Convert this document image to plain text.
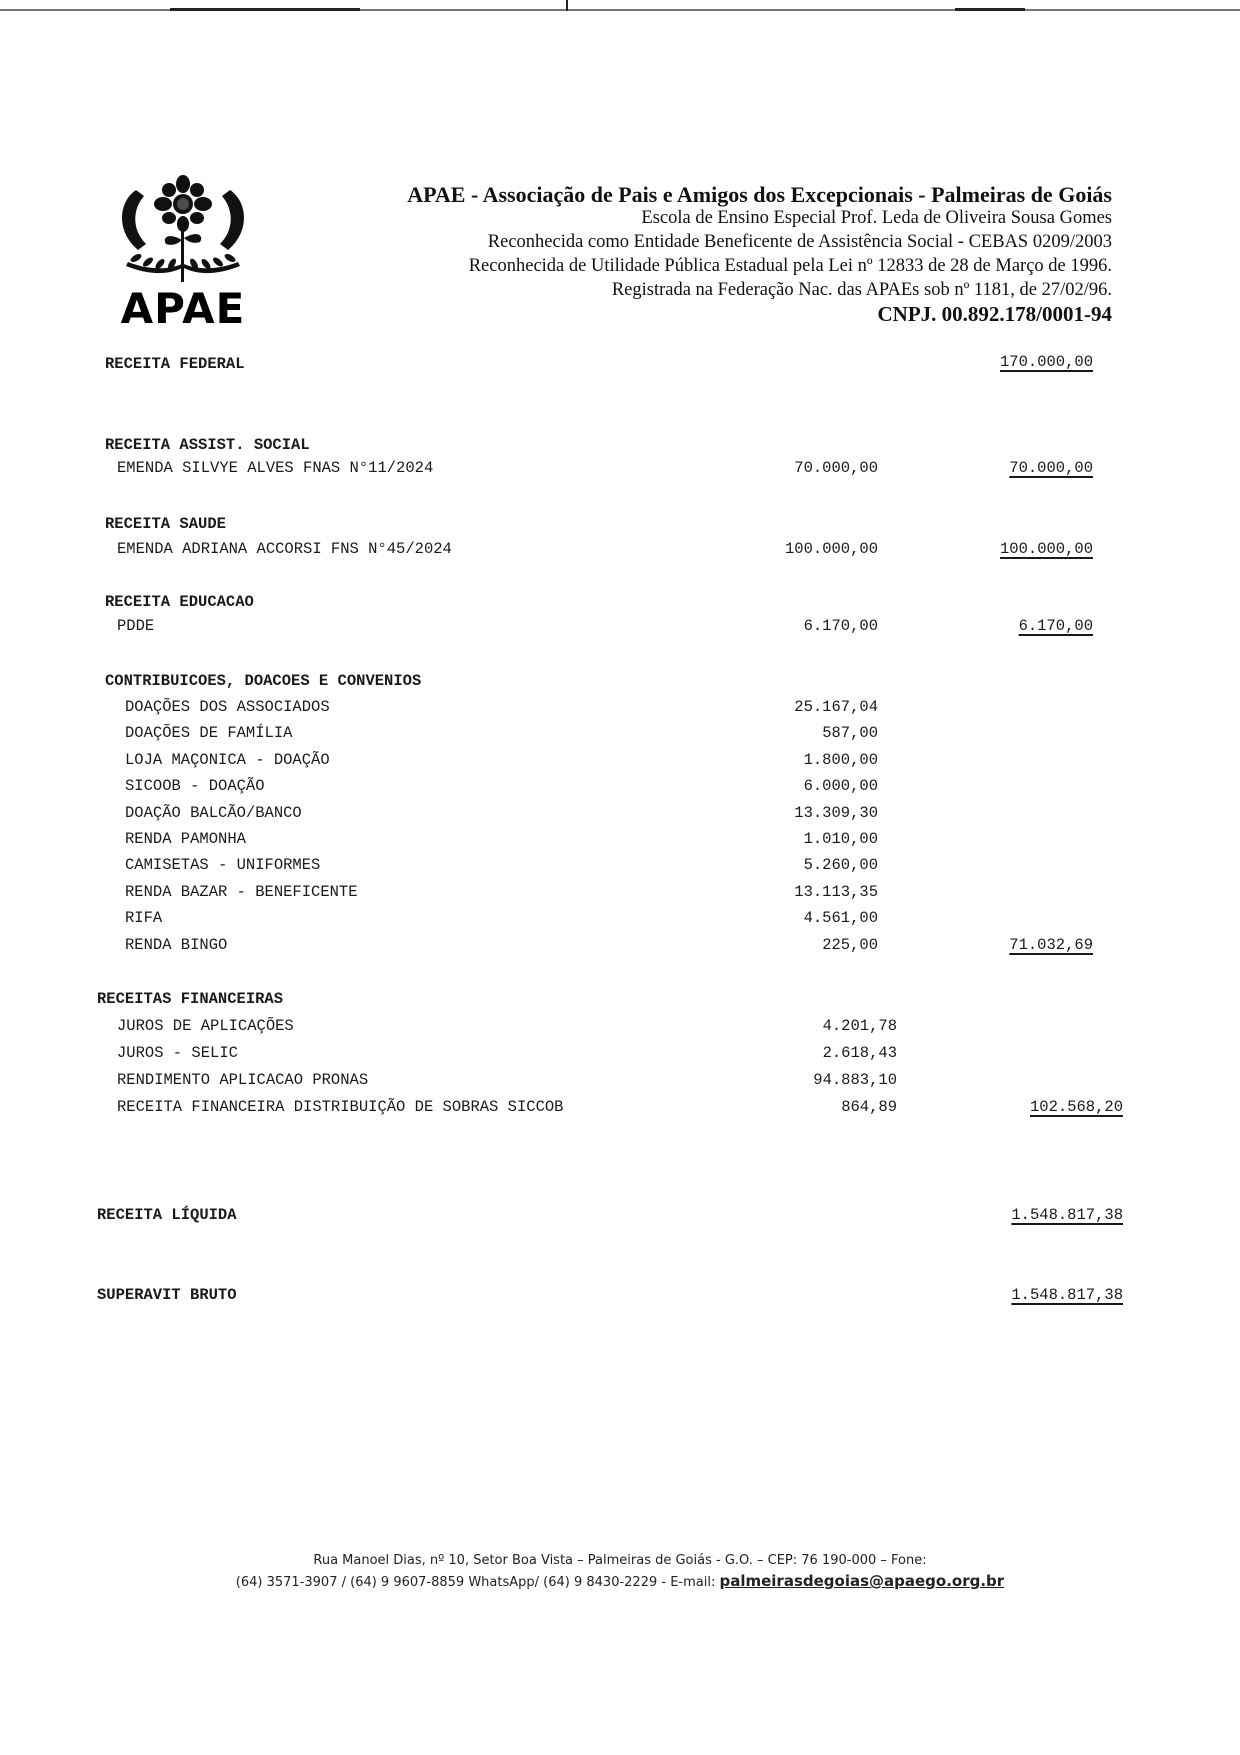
APAE
APAE - Associação de Pais e Amigos dos Excepcionais - Palmeiras de Goiás
Escola de Ensino Especial Prof. Leda de Oliveira Sousa Gomes
Reconhecida como Entidade Beneficente de Assistência Social - CEBAS 0209/2003
Reconhecida de Utilidade Pública Estadual pela Lei nº 12833 de 28 de Março de 1996.
Registrada na Federação Nac. das APAEs sob nº 1181, de 27/02/96.
CNPJ. 00.892.178/0001-94
RECEITA FEDERAL	170.000,00
RECEITA ASSIST. SOCIAL
EMENDA SILVYE ALVES FNAS N°11/2024	70.000,00	70.000,00
RECEITA SAUDE
EMENDA ADRIANA ACCORSI FNS N°45/2024	100.000,00	100.000,00
RECEITA EDUCACAO
PDDE	6.170,00	6.170,00
CONTRIBUICOES, DOACOES E CONVENIOS
DOAÇÕES DOS ASSOCIADOS	25.167,04
DOAÇÕES DE FAMÍLIA	587,00
LOJA MAÇONICA - DOAÇÃO	1.800,00
SICOOB - DOAÇÃO	6.000,00
DOAÇÃO BALCÃO/BANCO	13.309,30
RENDA PAMONHA	1.010,00
CAMISETAS - UNIFORMES	5.260,00
RENDA BAZAR - BENEFICENTE	13.113,35
RIFA	4.561,00
RENDA BINGO	225,00	71.032,69
RECEITAS FINANCEIRAS
JUROS DE APLICAÇÕES	4.201,78
JUROS - SELIC	2.618,43
RENDIMENTO APLICACAO PRONAS	94.883,10
RECEITA FINANCEIRA DISTRIBUIÇÃO DE SOBRAS SICCOB	864,89	102.568,20
RECEITA LÍQUIDA	1.548.817,38
SUPERAVIT BRUTO	1.548.817,38
Rua Manoel Dias, nº 10, Setor Boa Vista – Palmeiras de Goiás - G.O. – CEP: 76 190-000 – Fone:
(64) 3571-3907 / (64) 9 9607-8859 WhatsApp/ (64) 9 8430-2229 - E-mail: palmeirasdegoias@apaego.org.br
